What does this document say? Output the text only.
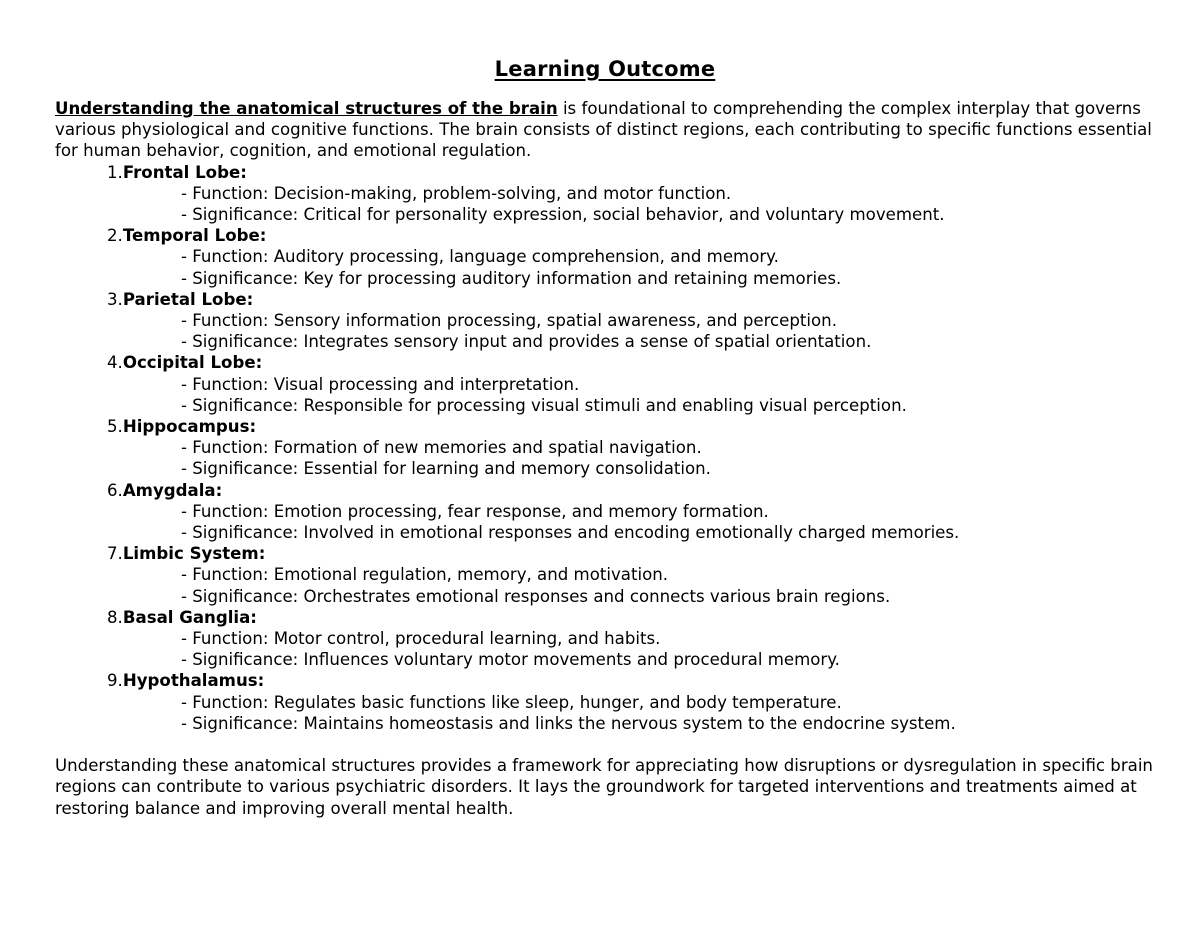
Learning Outcome

Understanding the anatomical structures of the brain is foundational to comprehending the complex interplay that governs various physiological and cognitive functions. The brain consists of distinct regions, each contributing to specific functions essential for human behavior, cognition, and emotional regulation.

1.Frontal Lobe:
- Function: Decision-making, problem-solving, and motor function.
- Significance: Critical for personality expression, social behavior, and voluntary movement.
2.Temporal Lobe:
- Function: Auditory processing, language comprehension, and memory.
- Significance: Key for processing auditory information and retaining memories.
3.Parietal Lobe:
- Function: Sensory information processing, spatial awareness, and perception.
- Significance: Integrates sensory input and provides a sense of spatial orientation.
4.Occipital Lobe:
- Function: Visual processing and interpretation.
- Significance: Responsible for processing visual stimuli and enabling visual perception.
5.Hippocampus:
- Function: Formation of new memories and spatial navigation.
- Significance: Essential for learning and memory consolidation.
6.Amygdala:
- Function: Emotion processing, fear response, and memory formation.
- Significance: Involved in emotional responses and encoding emotionally charged memories.
7.Limbic System:
- Function: Emotional regulation, memory, and motivation.
- Significance: Orchestrates emotional responses and connects various brain regions.
8.Basal Ganglia:
- Function: Motor control, procedural learning, and habits.
- Significance: Influences voluntary motor movements and procedural memory.
9.Hypothalamus:
- Function: Regulates basic functions like sleep, hunger, and body temperature.
- Significance: Maintains homeostasis and links the nervous system to the endocrine system.

Understanding these anatomical structures provides a framework for appreciating how disruptions or dysregulation in specific brain regions can contribute to various psychiatric disorders. It lays the groundwork for targeted interventions and treatments aimed at restoring balance and improving overall mental health.
